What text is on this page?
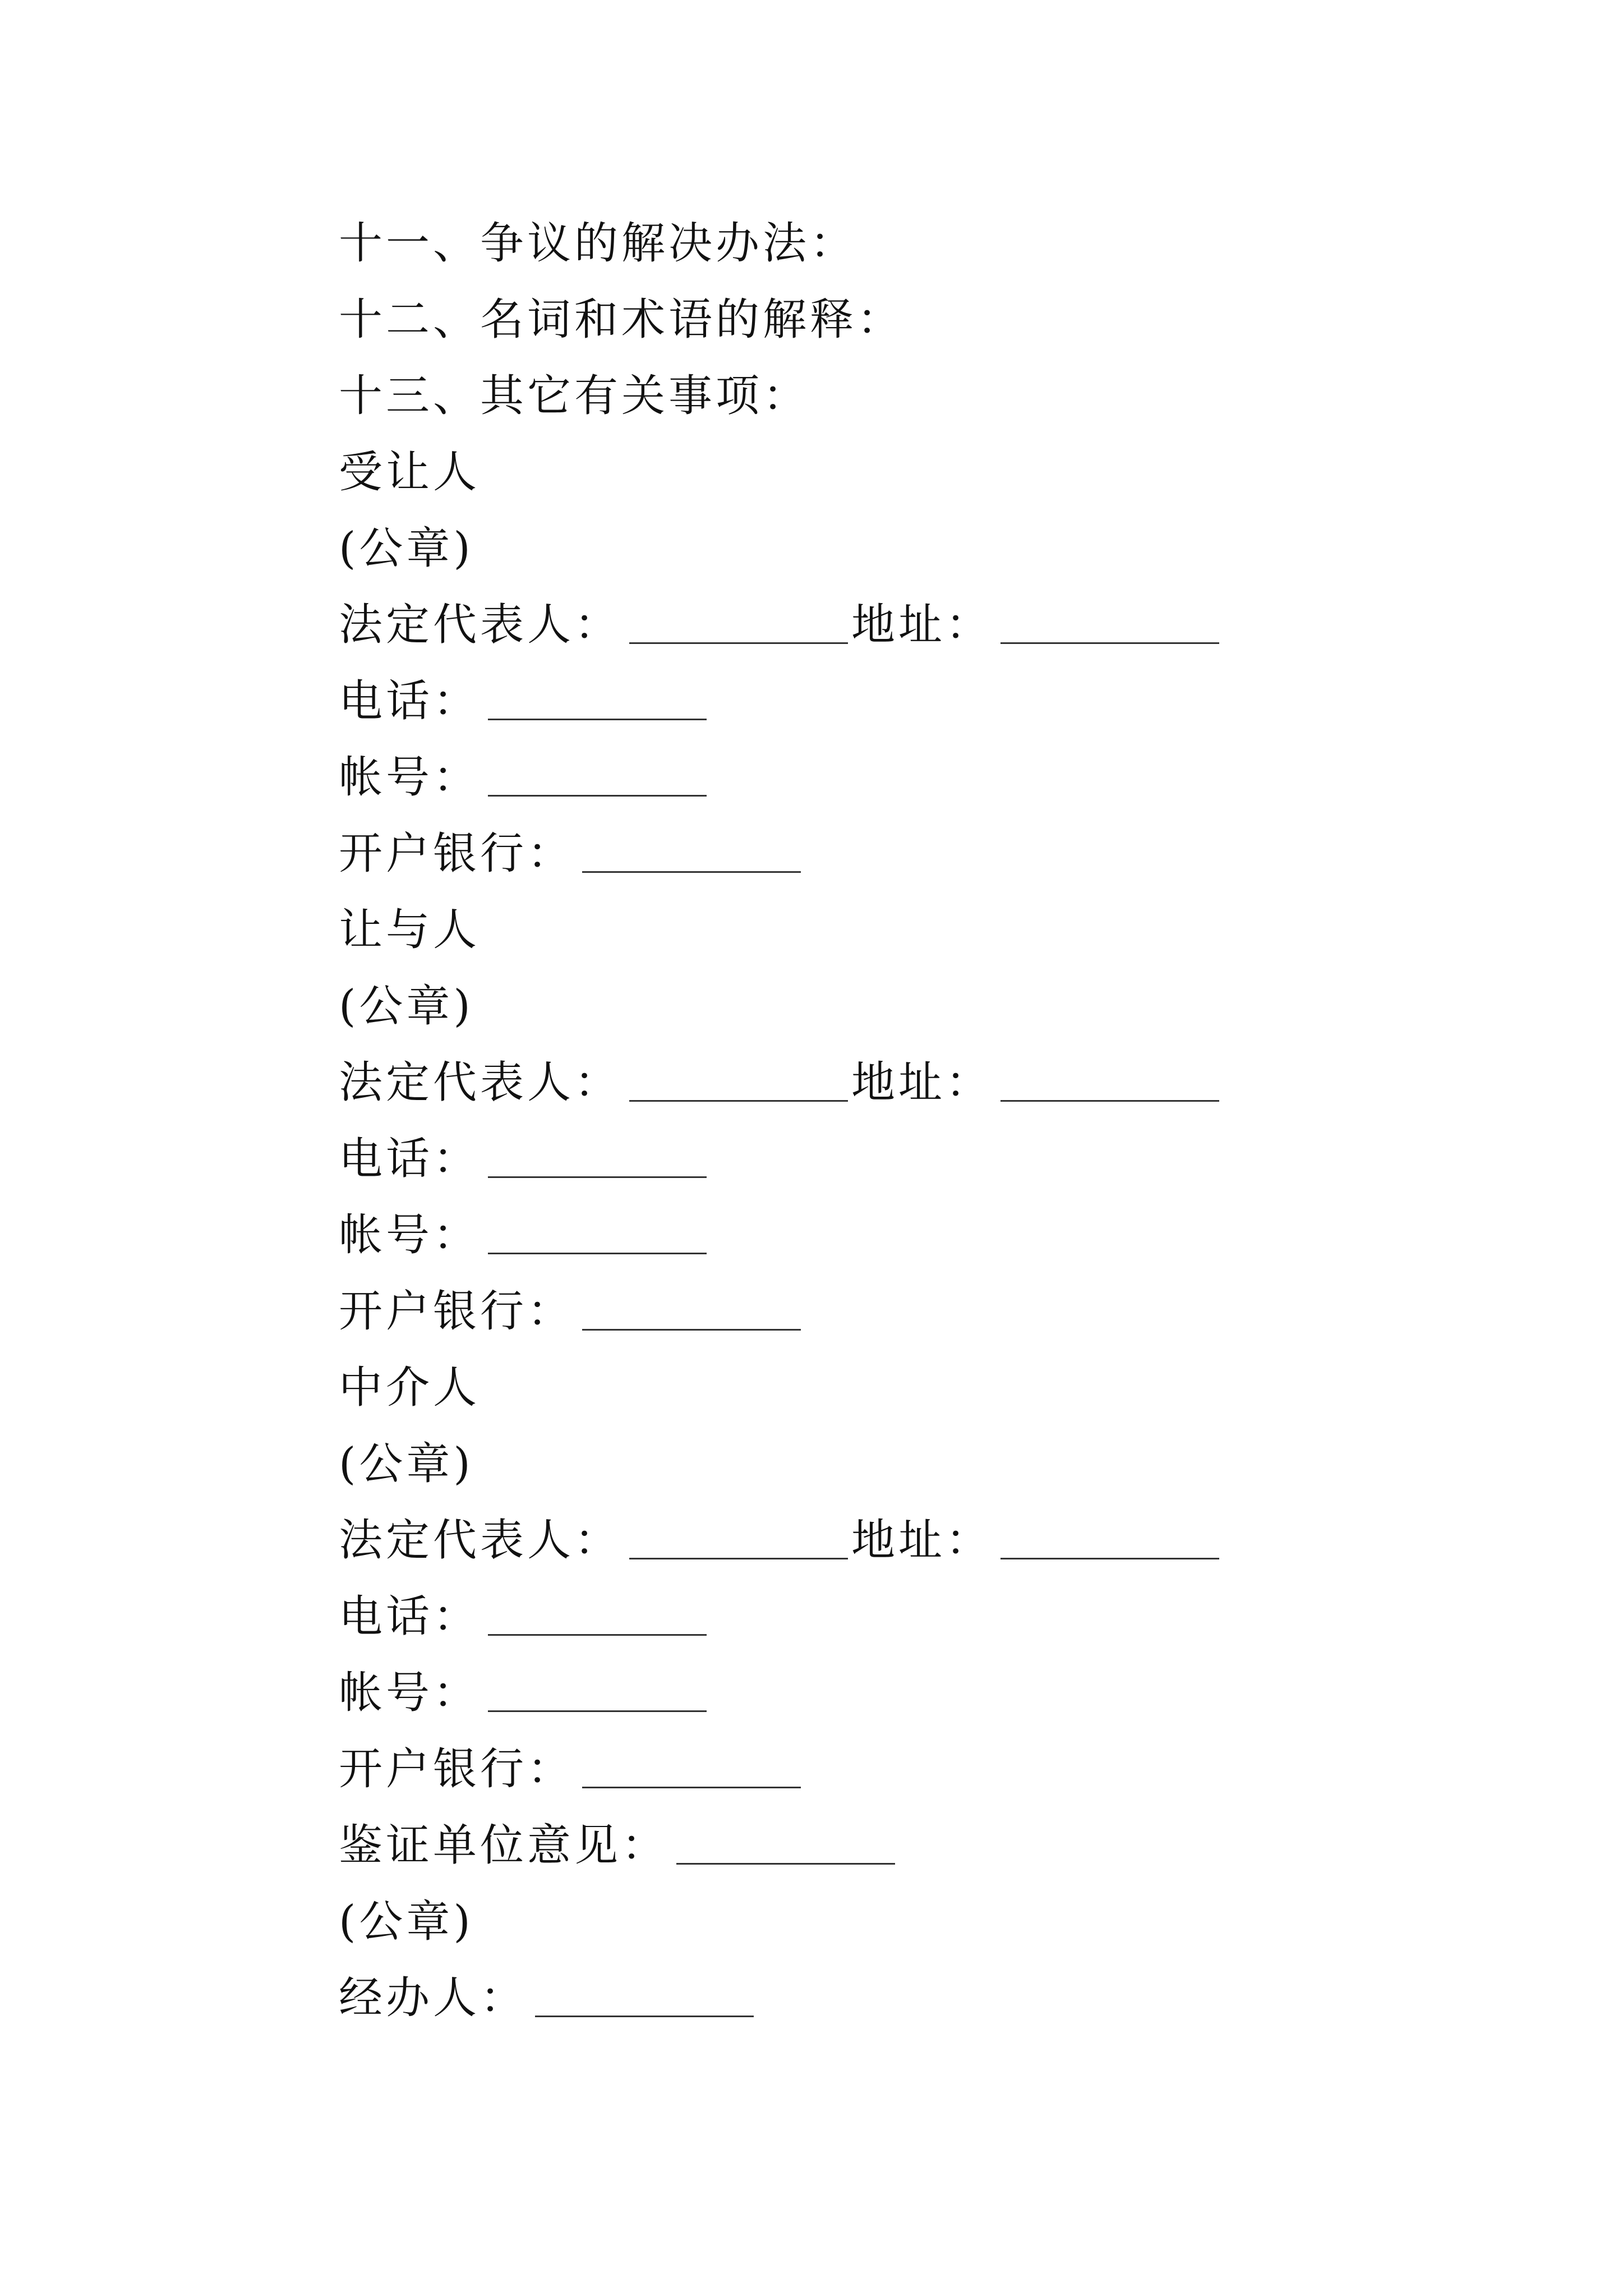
十一、争议的解决办法：
十二、名词和术语的解释：
十三、其它有关事项：
受让人
(公章)
法定代表人：	地址：
电话：
帐号：
开户银行：
让与人
(公章)
法定代表人：	地址：
电话：
帐号：
开户银行：
中介人
(公章)
法定代表人：	地址：
电话：
帐号：
开户银行：
鉴证单位意见：
(公章)
经办人：
